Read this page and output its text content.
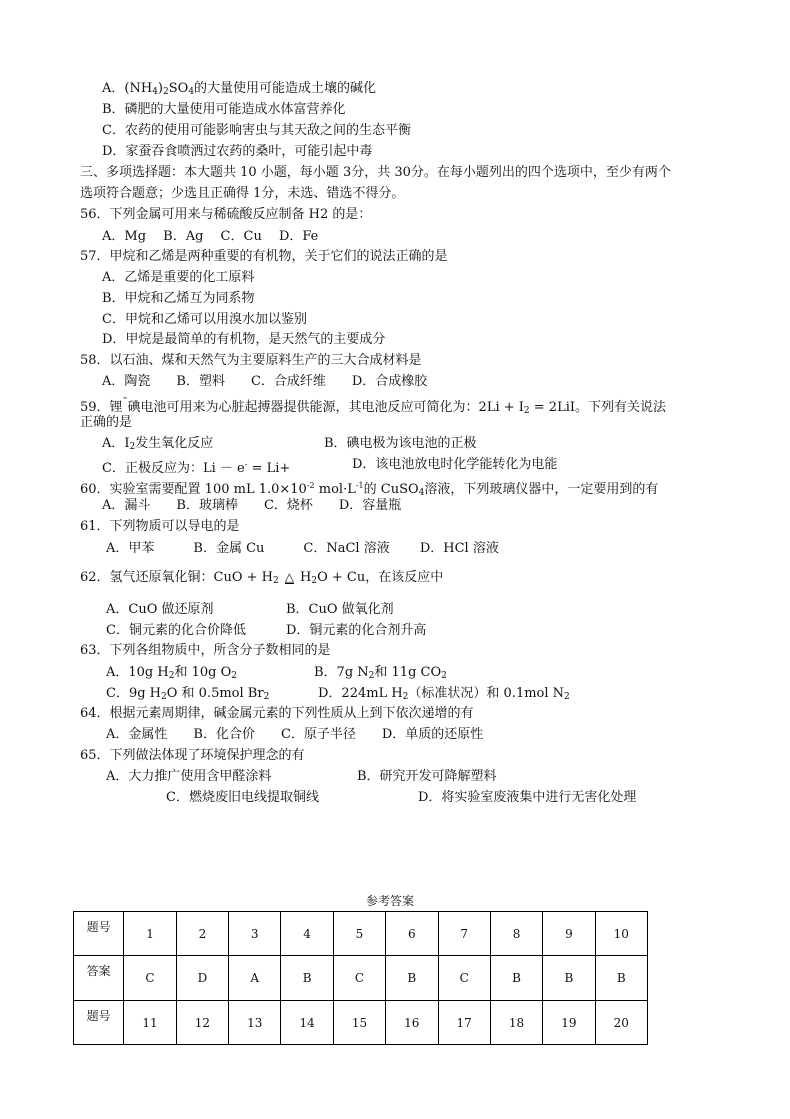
A．(NH4)2SO4的大量使用可能造成土壤的碱化
B．磷肥的大量使用可能造成水体富营养化
C．农药的使用可能影响害虫与其天敌之间的生态平衡
D．家蚕吞食喷洒过农药的桑叶，可能引起中毒
三、多项选择题：本大题共 10 小题，每小题 3分，共 30分。在每小题列出的四个选项中，至少有两个
选项符合题意；少选且正确得 1分，未选、错选不得分。
56．下列金属可用来与稀硫酸反应制备 H2 的是：
A．Mg　 B．Ag　 C．Cu　 D．Fe
57．甲烷和乙烯是两种重要的有机物，关于它们的说法正确的是
A．乙烯是重要的化工原料
B．甲烷和乙烯互为同系物
C．甲烷和乙烯可以用溴水加以鉴别
D．甲烷是最简单的有机物，是天然气的主要成分
58．以石油、煤和天然气为主要原料生产的三大合成材料是
A．陶瓷　　B．塑料　　C．合成纤维　　D．合成橡胶
59．锂˜碘电池可用来为心脏起搏器提供能源，其电池反应可简化为：2Li + I2 = 2LiI。下列有关说法
正确的是
A．I2发生氧化反应	B．碘电极为该电池的正极
C．正极反应为：Li － e- = Li+	D．该电池放电时化学能转化为电能
60．实验室需要配置 100 mL $1.0\times 10^{-2}$ $mol\cdot L^{-1}$的 CuSO4溶液，下列玻璃仪器中，一定要用到的有
A．漏斗　　B．玻璃棒　　C．烧杯　　D．容量瓶
61．下列物质可以导电的是
A．甲苯　　　B．金属 Cu　　　C．NaCl 溶液　　 D．HCl 溶液
62．氢气还原氧化铜：CuO + H2 △ H2O + Cu，在该反应中
A．CuO 做还原剂	B．CuO 做氧化剂
C．铜元素的化合价降低	D．铜元素的化合剂升高
63．下列各组物质中，所含分子数相同的是
A．10g H2和 10g O2	B．7g N2和 11g CO2
C．9g H2O 和 0.5mol Br2	D．224mL H2（标准状况）和 0.1mol N2
64．根据元素周期律，碱金属元素的下列性质从上到下依次递增的有
A．金属性　　B．化合价　　C．原子半径　　D．单质的还原性
65．下列做法体现了环境保护理念的有
A．大力推广使用含甲醛涂料	B．研究开发可降解塑料
C．燃烧废旧电线提取铜线	D．将实验室废液集中进行无害化处理
参考答案
题号	1	2	3	4	5	6	7	8	9	10
答案	C	D	A	B	C	B	C	B	B	B
题号	11	12	13	14	15	16	17	18	19	20
